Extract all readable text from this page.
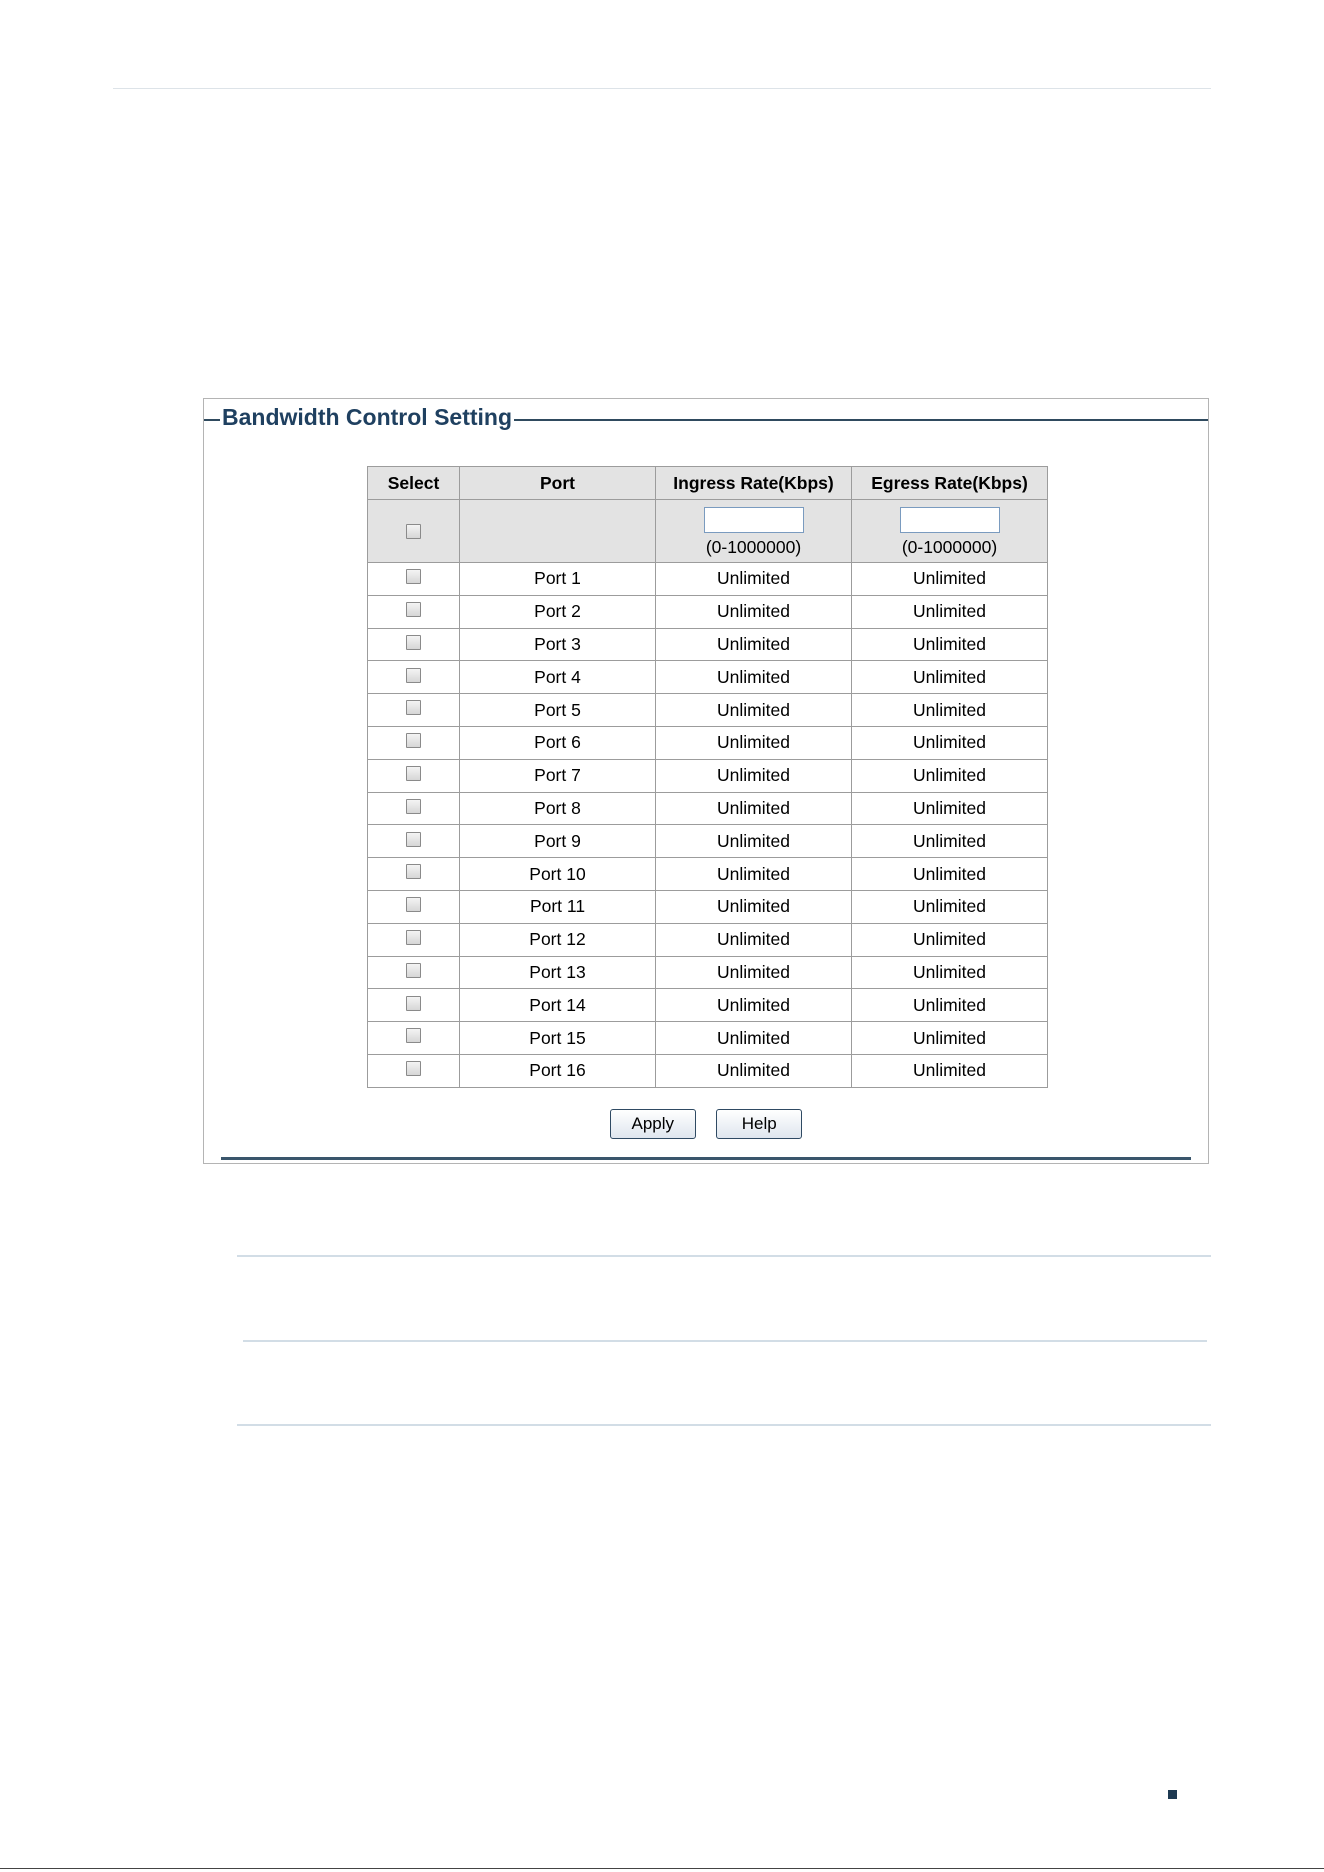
Bandwidth Control Setting
Select	Port	Ingress Rate(Kbps)	Egress Rate(Kbps)

		(0-1000000)	(0-1000000)

	Port 1	Unlimited	Unlimited
	Port 2	Unlimited	Unlimited
	Port 3	Unlimited	Unlimited
	Port 4	Unlimited	Unlimited
	Port 5	Unlimited	Unlimited
	Port 6	Unlimited	Unlimited
	Port 7	Unlimited	Unlimited
	Port 8	Unlimited	Unlimited
	Port 9	Unlimited	Unlimited
	Port 10	Unlimited	Unlimited
	Port 11	Unlimited	Unlimited
	Port 12	Unlimited	Unlimited
	Port 13	Unlimited	Unlimited
	Port 14	Unlimited	Unlimited
	Port 15	Unlimited	Unlimited
	Port 16	Unlimited	Unlimited
Apply	Help
